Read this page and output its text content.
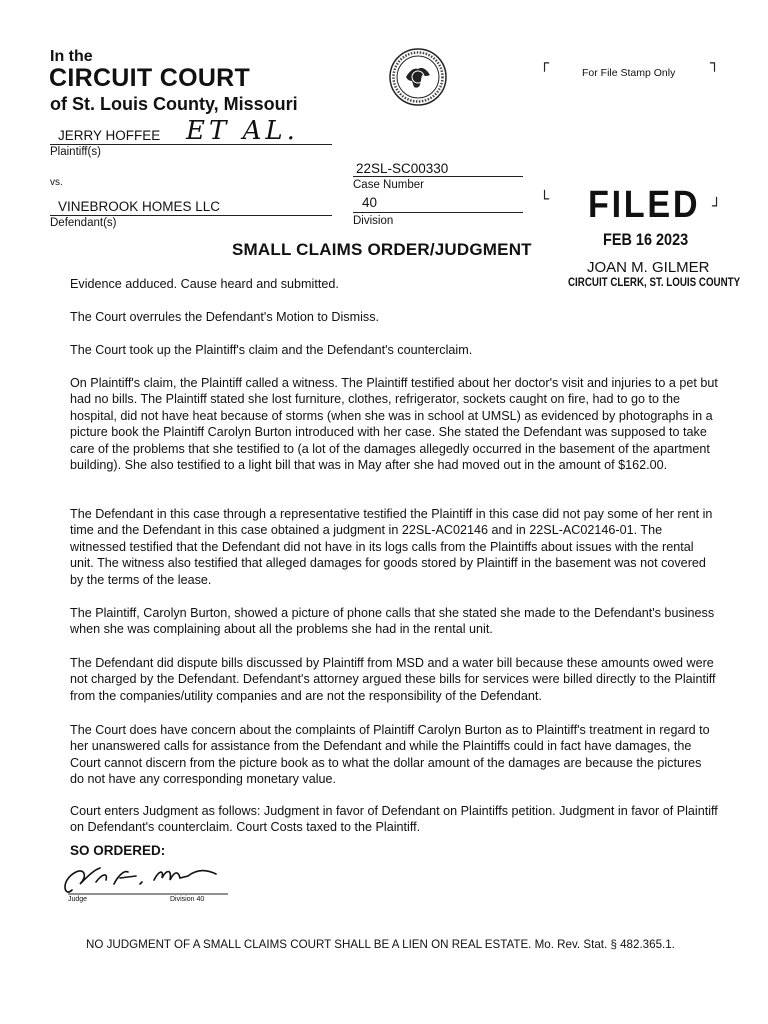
In the
CIRCUIT COURT
of St. Louis County, Missouri
┌	┐
For File Stamp Only
└
JERRY HOFFEE ET AL.
Plaintiff(s)
vs.
VINEBROOK HOMES LLC
Defendant(s)
22SL-SC00330
Case Number
40
Division	FILED ┘
FEB 16 2023
JOAN M. GILMER
CIRCUIT CLERK, ST. LOUIS COUNTY
SMALL CLAIMS ORDER/JUDGMENT
Evidence adduced. Cause heard and submitted.
The Court overrules the Defendant's Motion to Dismiss.
The Court took up the Plaintiff's claim and the Defendant's counterclaim.
On Plaintiff's claim, the Plaintiff called a witness. The Plaintiff testified about her doctor's visit and injuries to a pet but had no bills. The Plaintiff stated she lost furniture, clothes, refrigerator, sockets caught on fire, had to go to the hospital, did not have heat because of storms (when she was in school at UMSL) as evidenced by photographs in a picture book the Plaintiff Carolyn Burton introduced with her case. She stated the Defendant was supposed to take care of the problems that she testified to (a lot of the damages allegedly occurred in the basement of the apartment building). She also testified to a light bill that was in May after she had moved out in the amount of $162.00.
The Defendant in this case through a representative testified the Plaintiff in this case did not pay some of her rent in time and the Defendant in this case obtained a judgment in 22SL-AC02146 and in 22SL-AC02146-01. The witnessed testified that the Defendant did not have in its logs calls from the Plaintiffs about issues with the rental unit. The witness also testified that alleged damages for goods stored by Plaintiff in the basement was not covered by the terms of the lease.
The Plaintiff, Carolyn Burton, showed a picture of phone calls that she stated she made to the Defendant's business when she was complaining about all the problems she had in the rental unit.
The Defendant did dispute bills discussed by Plaintiff from MSD and a water bill because these amounts owed were not charged by the Defendant. Defendant's attorney argued these bills for services were billed directly to the Plaintiff from the companies/utility companies and are not the responsibility of the Defendant.
The Court does have concern about the complaints of Plaintiff Carolyn Burton as to Plaintiff's treatment in regard to her unanswered calls for assistance from the Defendant and while the Plaintiffs could in fact have damages, the Court cannot discern from the picture book as to what the dollar amount of the damages are because the pictures do not have any corresponding monetary value.
Court enters Judgment as follows: Judgment in favor of Defendant on Plaintiffs petition. Judgment in favor of Plaintiff on Defendant's counterclaim. Court Costs taxed to the Plaintiff.
SO ORDERED:
Judge	Division 40
NO JUDGMENT OF A SMALL CLAIMS COURT SHALL BE A LIEN ON REAL ESTATE. Mo. Rev. Stat. § 482.365.1.
